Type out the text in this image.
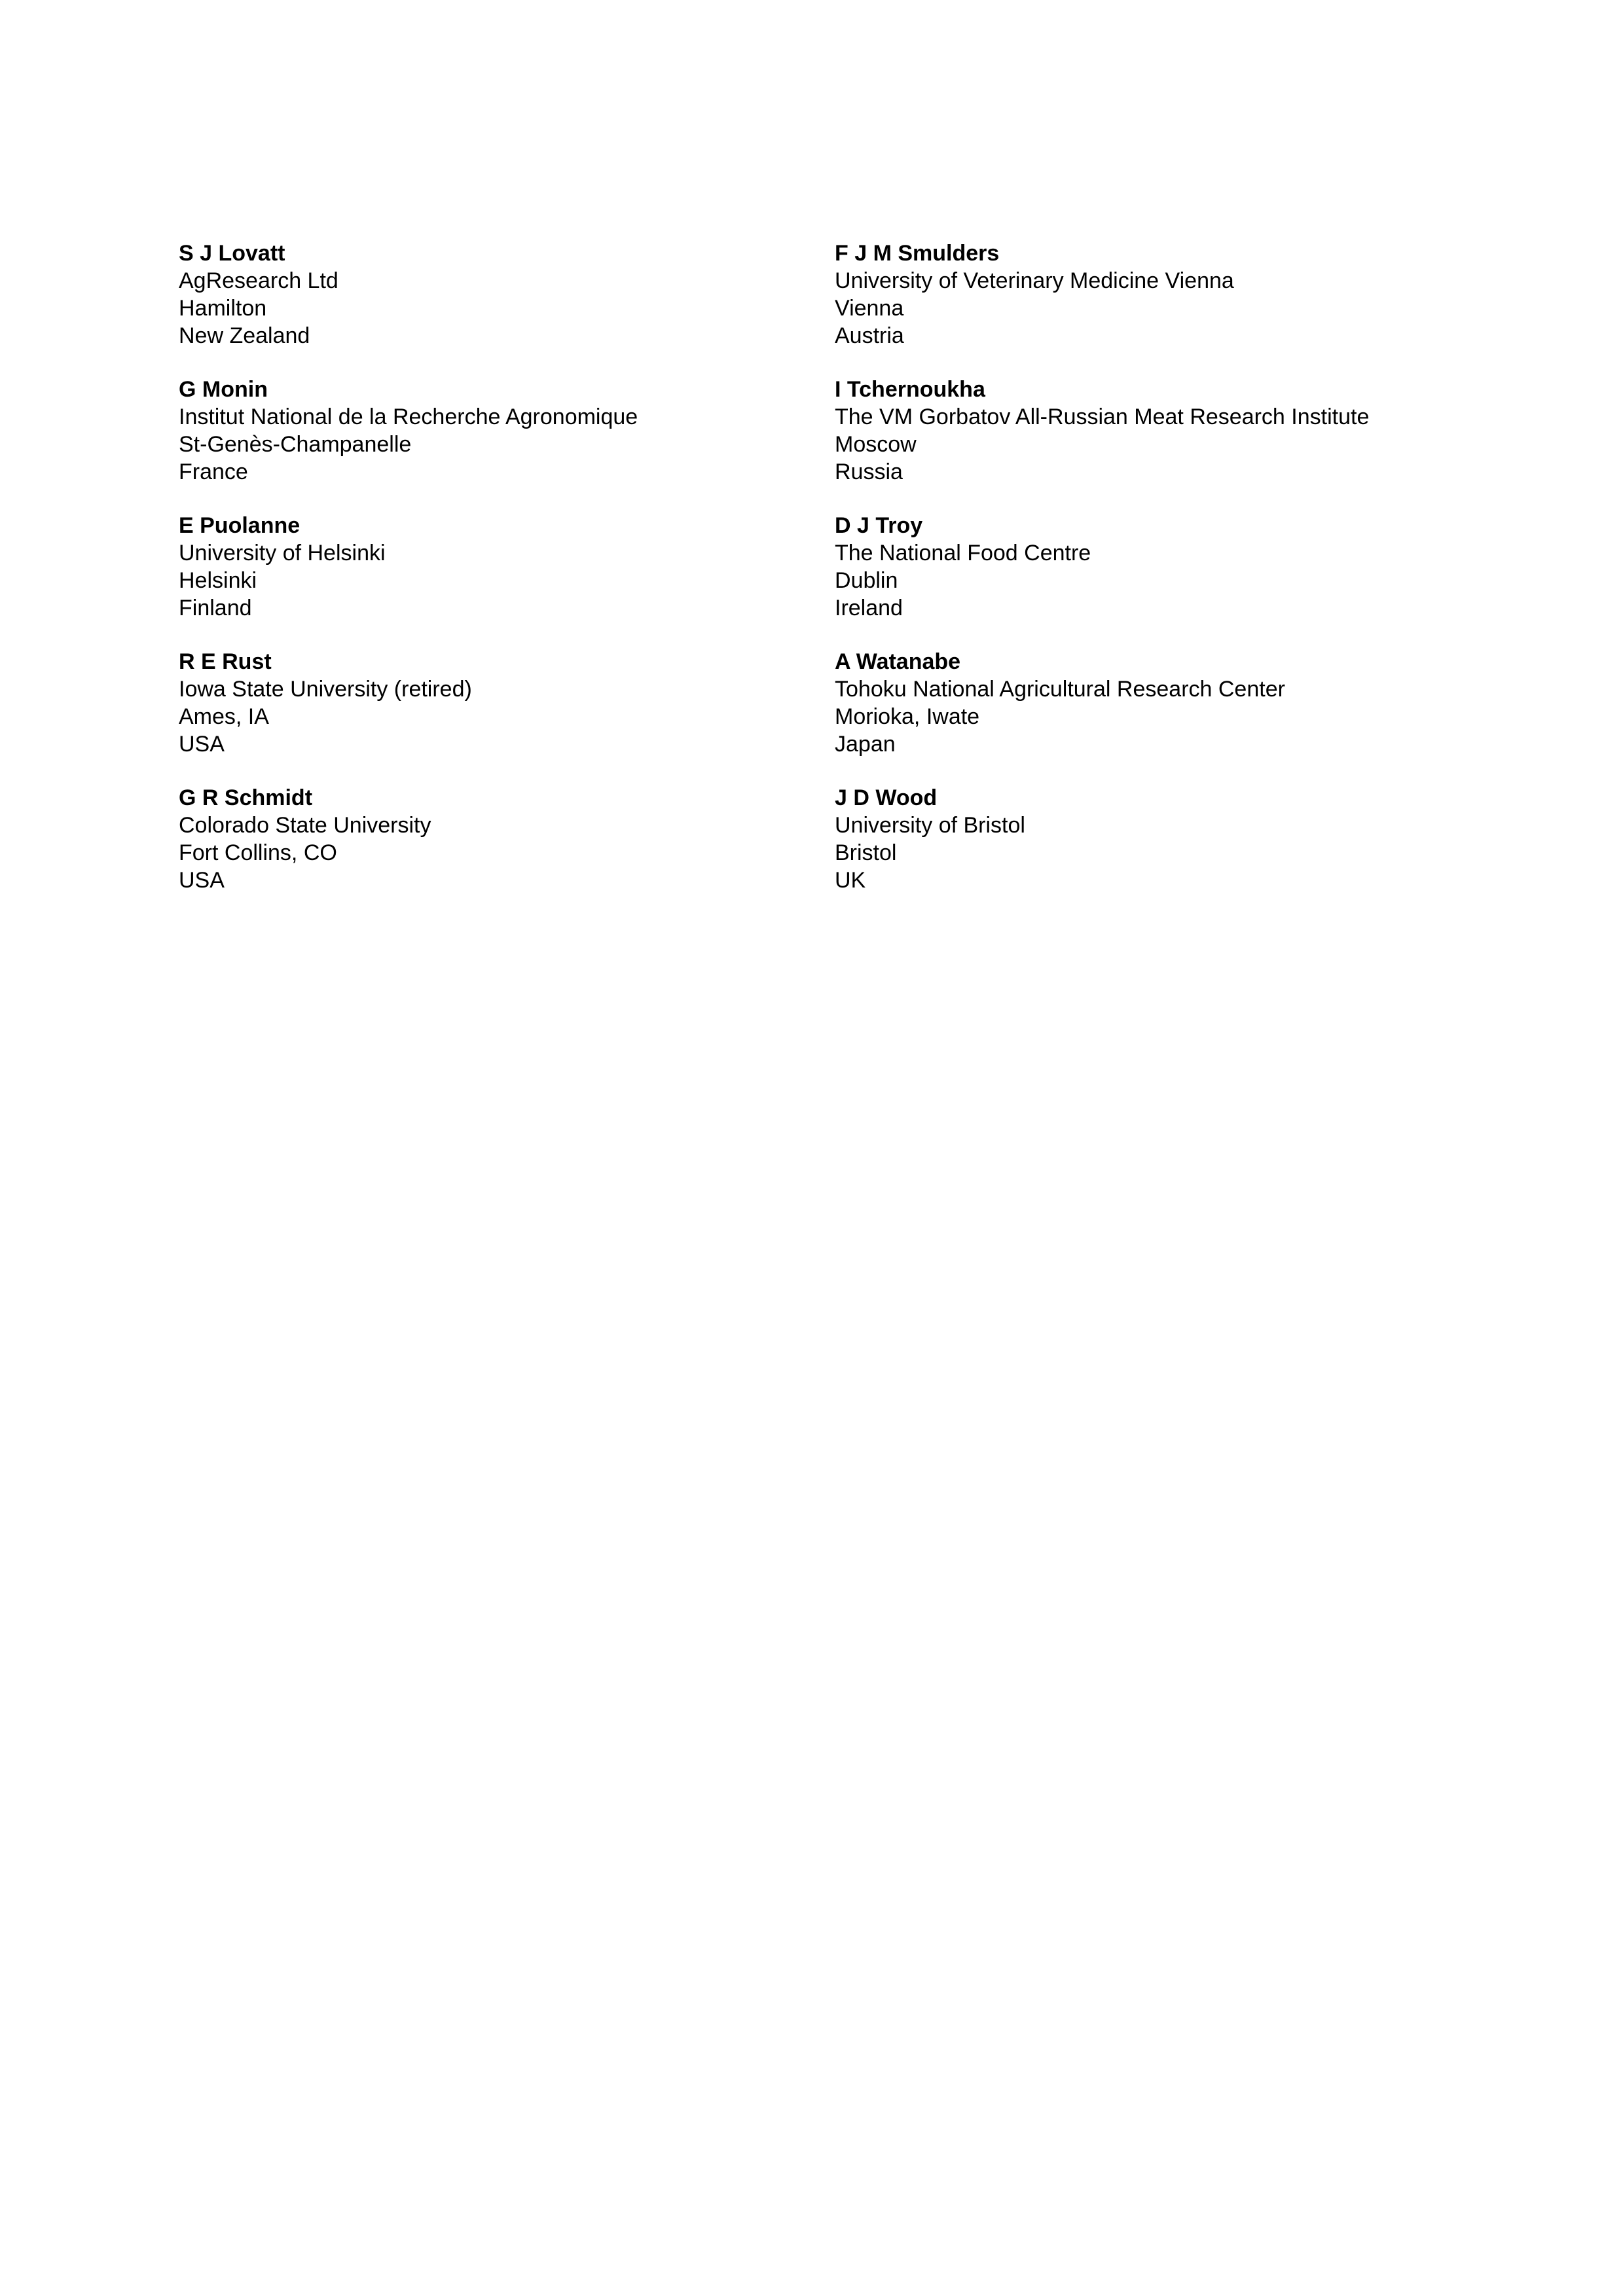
S J Lovatt
AgResearch Ltd
Hamilton
New Zealand
G Monin
Institut National de la Recherche Agronomique
St-Genès-Champanelle
France
E Puolanne
University of Helsinki
Helsinki
Finland
R E Rust
Iowa State University (retired)
Ames, IA
USA
G R Schmidt
Colorado State University
Fort Collins, CO
USA
F J M Smulders
University of Veterinary Medicine Vienna
Vienna
Austria
I Tchernoukha
The VM Gorbatov All-Russian Meat Research Institute
Moscow
Russia
D J Troy
The National Food Centre
Dublin
Ireland
A Watanabe
Tohoku National Agricultural Research Center
Morioka, Iwate
Japan
J D Wood
University of Bristol
Bristol
UK
